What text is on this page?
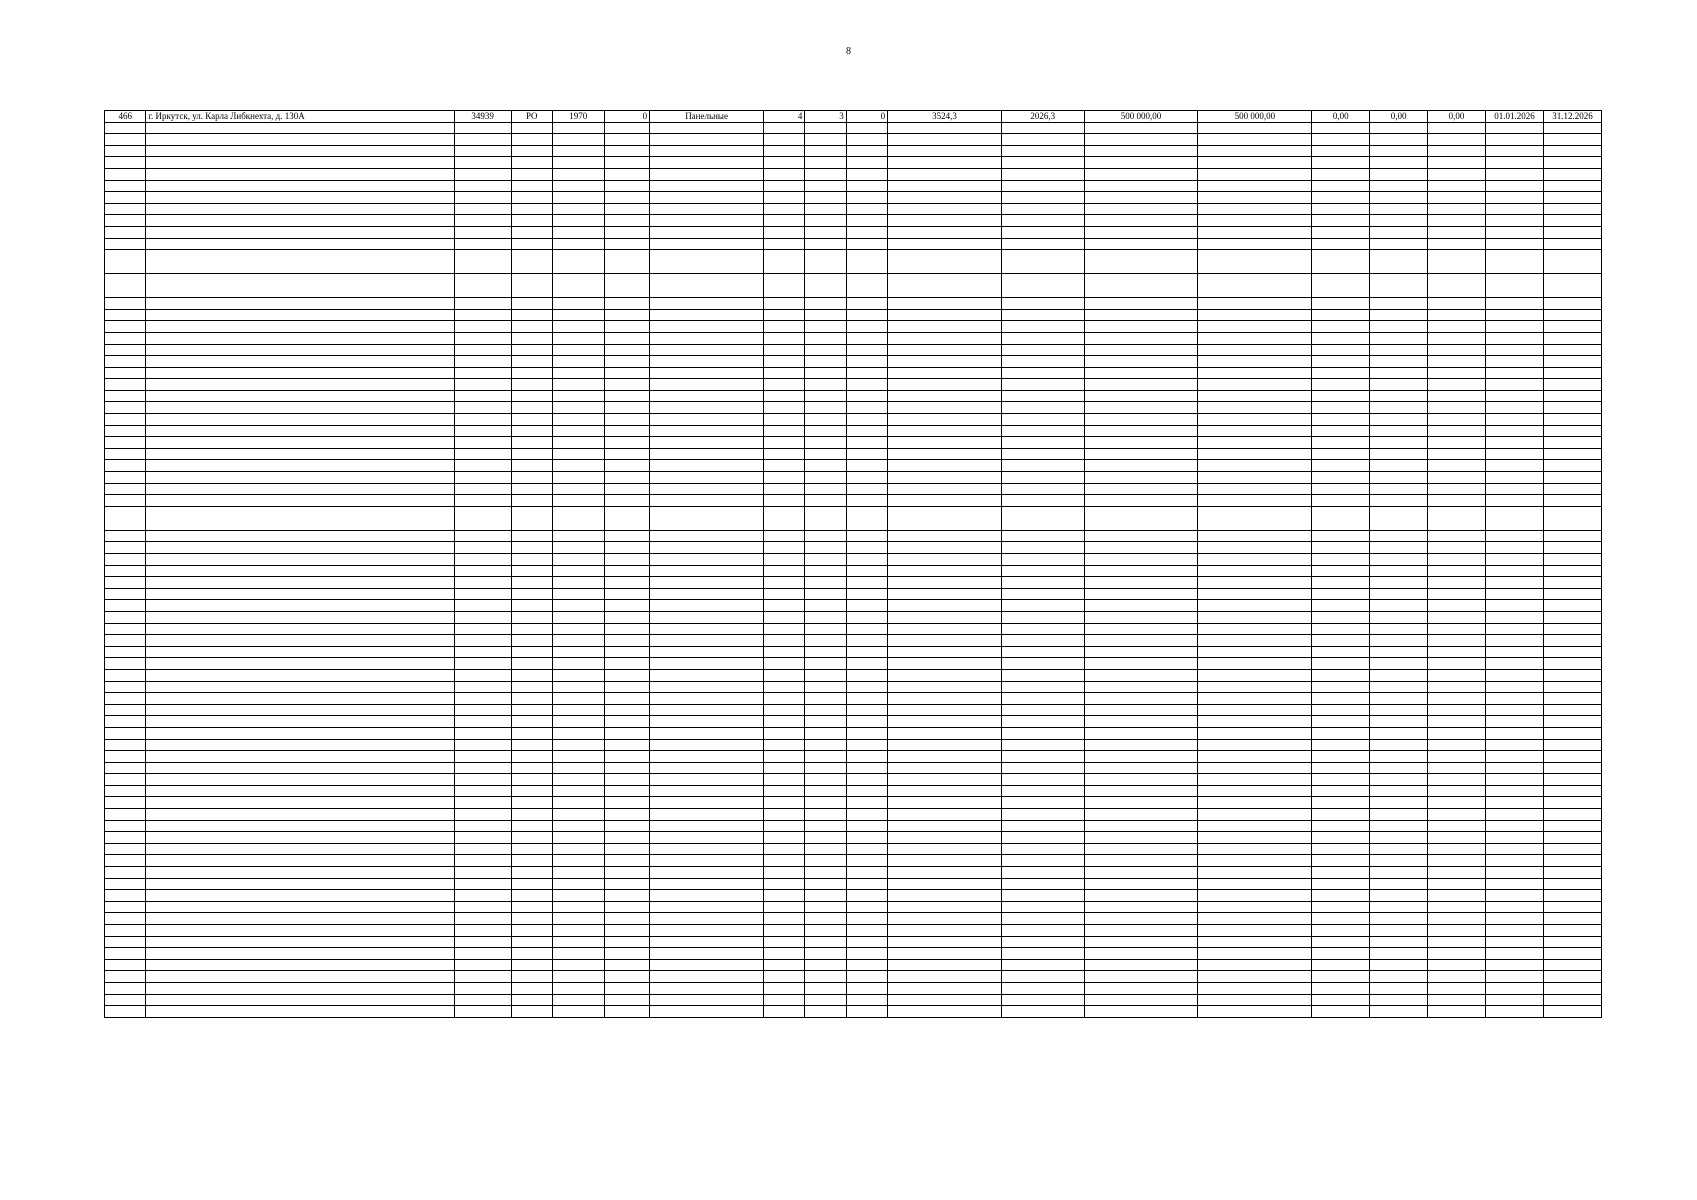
8
466	г. Иркутск, ул. Карла Либкнехта, д. 130А	34939	РО	1970	0	Панельные	4	3	0	3524,3	2026,3	500 000,00	500 000,00	0,00	0,00	0,00	01.01.2026	31.12.2026
